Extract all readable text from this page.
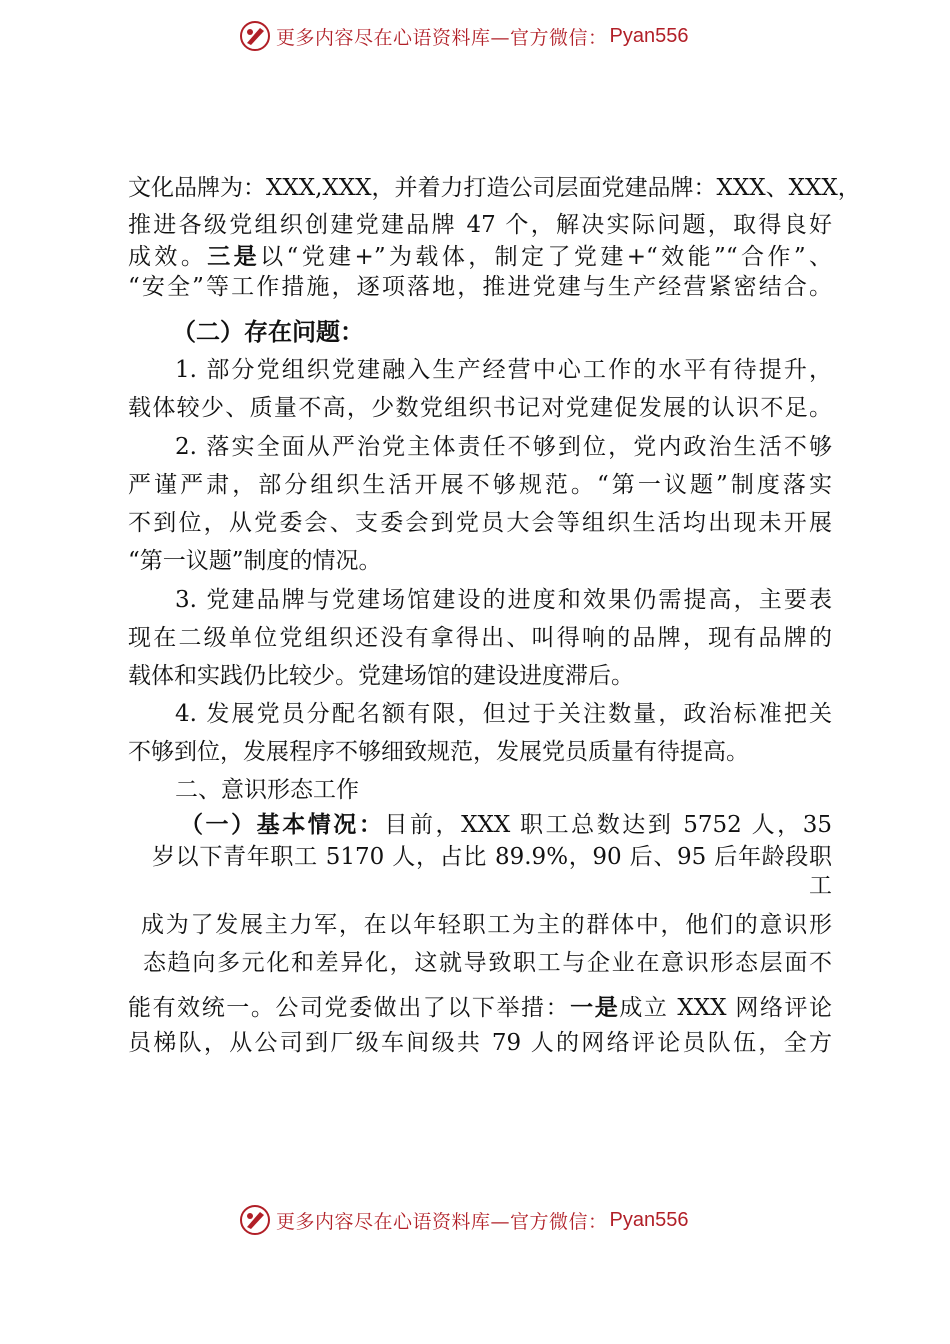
更多内容尽在心语资料库—官方微信： Pyan556
文化品牌为：XXX,XXX，并着力打造公司层面党建品牌：XXX、XXX，
推进各级党组织创建党建品牌 47 个，解决实际问题，取得良好
成效。三是以“党建+”为载体，制定了党建+“效能”“合作”、
“安全”等工作措施，逐项落地，推进党建与生产经营紧密结合。
（二）存在问题：
1. 部分党组织党建融入生产经营中心工作的水平有待提升，
载体较少、质量不高，少数党组织书记对党建促发展的认识不足。
2. 落实全面从严治党主体责任不够到位，党内政治生活不够
严谨严肃，部分组织生活开展不够规范。“第一议题”制度落实
不到位，从党委会、支委会到党员大会等组织生活均出现未开展
“第一议题”制度的情况。
3. 党建品牌与党建场馆建设的进度和效果仍需提高，主要表
现在二级单位党组织还没有拿得出、叫得响的品牌，现有品牌的
载体和实践仍比较少。党建场馆的建设进度滞后。
4. 发展党员分配名额有限，但过于关注数量，政治标准把关
不够到位，发展程序不够细致规范，发展党员质量有待提高。
二、意识形态工作
（一）基本情况：目前，XXX 职工总数达到 5752 人，35
岁以下青年职工 5170 人，占比 89.9%，90 后、95 后年龄段职
工
成为了发展主力军，在以年轻职工为主的群体中，他们的意识形
态趋向多元化和差异化，这就导致职工与企业在意识形态层面不
能有效统一。公司党委做出了以下举措：一是成立 XXX 网络评论
员梯队，从公司到厂级车间级共 79 人的网络评论员队伍，全方
更多内容尽在心语资料库—官方微信： Pyan556
